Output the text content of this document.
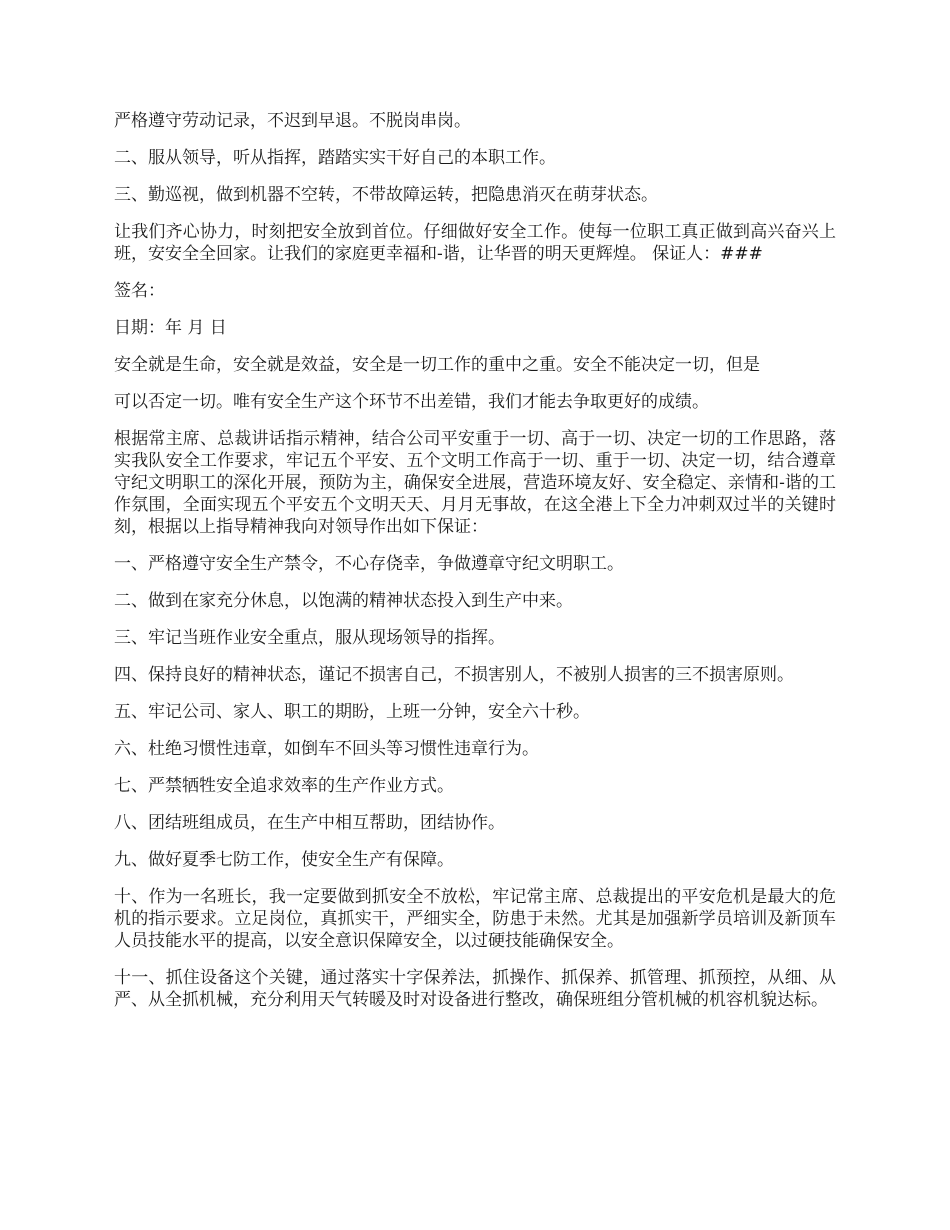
严格遵守劳动记录，不迟到早退。不脱岗串岗。

二、服从领导，听从指挥，踏踏实实干好自己的本职工作。

三、勤巡视，做到机器不空转，不带故障运转，把隐患消灭在萌芽状态。

让我们齐心协力，时刻把安全放到首位。仔细做好安全工作。使每一位职工真正做到高兴奋兴上班，安安全全回家。让我们的家庭更幸福和-谐，让华晋的明天更辉煌。 保证人：###

签名：

日期：年 月 日

安全就是生命，安全就是效益，安全是一切工作的重中之重。安全不能决定一切，但是

可以否定一切。唯有安全生产这个环节不出差错，我们才能去争取更好的成绩。

根据常主席、总裁讲话指示精神，结合公司平安重于一切、高于一切、决定一切的工作思路，落实我队安全工作要求，牢记五个平安、五个文明工作高于一切、重于一切、决定一切，结合遵章守纪文明职工的深化开展，预防为主，确保安全进展，营造环境友好、安全稳定、亲情和-谐的工作氛围，全面实现五个平安五个文明天天、月月无事故，在这全港上下全力冲刺双过半的关键时刻，根据以上指导精神我向对领导作出如下保证：

一、严格遵守安全生产禁令，不心存侥幸，争做遵章守纪文明职工。

二、做到在家充分休息，以饱满的精神状态投入到生产中来。

三、牢记当班作业安全重点，服从现场领导的指挥。

四、保持良好的精神状态，谨记不损害自己，不损害别人，不被别人损害的三不损害原则。

五、牢记公司、家人、职工的期盼，上班一分钟，安全六十秒。

六、杜绝习惯性违章，如倒车不回头等习惯性违章行为。

七、严禁牺牲安全追求效率的生产作业方式。

八、团结班组成员，在生产中相互帮助，团结协作。

九、做好夏季七防工作，使安全生产有保障。

十、作为一名班长，我一定要做到抓安全不放松，牢记常主席、总裁提出的平安危机是最大的危机的指示要求。立足岗位，真抓实干，严细实全，防患于未然。尤其是加强新学员培训及新顶车人员技能水平的提高，以安全意识保障安全，以过硬技能确保安全。

十一、抓住设备这个关键，通过落实十字保养法，抓操作、抓保养、抓管理、抓预控，从细、从严、从全抓机械，充分利用天气转暖及时对设备进行整改，确保班组分管机械的机容机貌达标。
